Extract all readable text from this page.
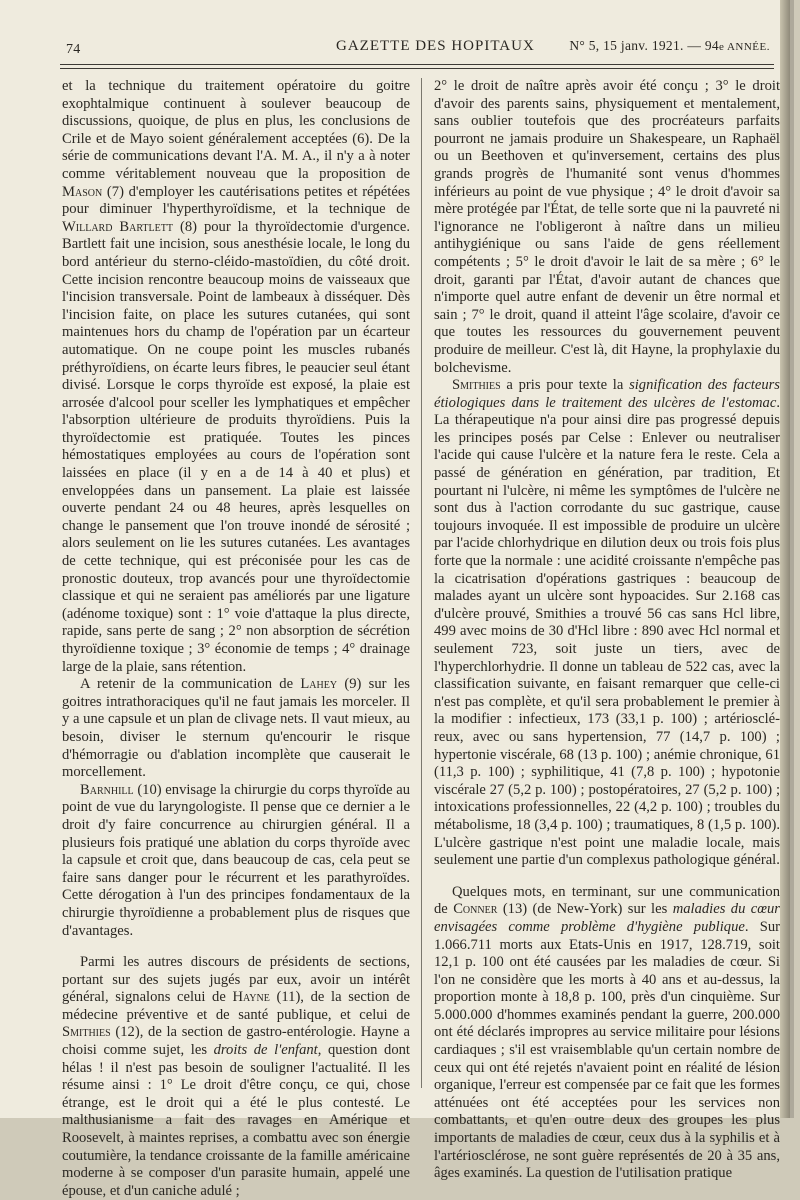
74	GAZETTE DES HOPITAUX	N° 5, 15 janv. 1921. — 94e ANNÉE.

et la technique du traitement opératoire du goitre exophtalmique continuent à soulever beaucoup de discussions, quoique, de plus en plus, les conclusions de Crile et de Mayo soient généralement acceptées (6). De la série de communications devant l'A. M. A., il n'y a à noter comme véritablement nouveau que la proposition de Mason (7) d'employer les cautérisations petites et répétées pour diminuer l'hyperthyroïdisme, et la technique de Willard Bartlett (8) pour la thyroïdectomie d'urgence. Bartlett fait une incision, sous anesthésie locale, le long du bord antérieur du sterno-cléido-mastoïdien, du côté droit. Cette incision rencontre beaucoup moins de vaisseaux que l'incision transversale. Point de lambeaux à disséquer. Dès l'incision faite, on place les sutures cutanées, qui sont maintenues hors du champ de l'opération par un écarteur automatique. On ne coupe point les muscles rubanés préthyroïdiens, on écarte leurs fibres, le peaucier seul étant divisé. Lorsque le corps thyroïde est exposé, la plaie est arrosée d'alcool pour sceller les lymphatiques et empêcher l'absorption ultérieure de produits thyroïdiens. Puis la thyroïdectomie est pratiquée. Toutes les pinces hémostatiques employées au cours de l'opération sont laissées en place (il y en a de 14 à 40 et plus) et enveloppées dans un pansement. La plaie est laissée ouverte pendant 24 ou 48 heures, après lesquelles on change le pansement que l'on trouve inondé de sérosité ; alors seulement on lie les sutures cutanées. Les avantages de cette technique, qui est préconisée pour les cas de pronostic douteux, trop avancés pour une thyroïdectomie classique et qui ne seraient pas améliorés par une ligature (adénome toxique) sont : 1° voie d'attaque la plus directe, rapide, sans perte de sang ; 2° non absorption de sécrétion thyroïdienne toxique ; 3° économie de temps ; 4° drainage large de la plaie, sans rétention.

A retenir de la communication de Lahey (9) sur les goitres intrathoraciques qu'il ne faut jamais les morceler. Il y a une capsule et un plan de clivage nets. Il vaut mieux, au besoin, diviser le sternum qu'encourir le risque d'hémorragie ou d'ablation incomplète que causerait le morcellement.

Barnhill (10) envisage la chirurgie du corps thyroïde au point de vue du laryngologiste. Il pense que ce dernier a le droit d'y faire concurrence au chirurgien général. Il a plusieurs fois pratiqué une ablation du corps thyroïde avec la capsule et croit que, dans beaucoup de cas, cela peut se faire sans danger pour le récurrent et les parathyroïdes. Cette dérogation à l'un des principes fondamentaux de la chirurgie thyroïdienne a probablement plus de risques que d'avantages.

Parmi les autres discours de présidents de sections, portant sur des sujets jugés par eux, avoir un intérêt général, signalons celui de Hayne (11), de la section de médecine préventive et de santé publique, et celui de Smithies (12), de la section de gastro-entérologie. Hayne a choisi comme sujet, les droits de l'enfant, question dont hélas ! il n'est pas besoin de souligner l'actualité. Il les résume ainsi : 1° Le droit d'être conçu, ce qui, chose étrange, est le droit qui a été le plus contesté. Le malthusianisme a fait des ravages en Amérique et Roosevelt, à maintes reprises, a combattu avec son énergie coutumière, la tendance croissante de la famille américaine moderne à se composer d'un parasite humain, appelé une épouse, et d'un caniche adulé ;

2° le droit de naître après avoir été conçu ; 3° le droit d'avoir des parents sains, physiquement et mentalement, sans oublier toutefois que des procréateurs parfaits pourront ne jamais produire un Shakespeare, un Raphaël ou un Beethoven et qu'inversement, certains des plus grands progrès de l'humanité sont venus d'hommes inférieurs au point de vue physique ; 4° le droit d'avoir sa mère protégée par l'État, de telle sorte que ni la pauvreté ni l'ignorance ne l'obligeront à naître dans un milieu antihygiénique ou sans l'aide de gens réellement compétents ; 5° le droit d'avoir le lait de sa mère ; 6° le droit, garanti par l'État, d'avoir autant de chances que n'importe quel autre enfant de devenir un être normal et sain ; 7° le droit, quand il atteint l'âge scolaire, d'avoir ce que toutes les ressources du gouvernement peuvent produire de meilleur. C'est là, dit Hayne, la prophylaxie du bolchevisme.

Smithies a pris pour texte la signification des facteurs étiologiques dans le traitement des ulcères de l'estomac. La thérapeutique n'a pour ainsi dire pas progressé depuis les principes posés par Celse : Enlever ou neutraliser l'acide qui cause l'ulcère et la nature fera le reste. Cela a passé de génération en génération, par tradition, Et pourtant ni l'ulcère, ni même les symptômes de l'ulcère ne sont dus à l'action corrodante du suc gastrique, cause toujours invoquée. Il est impossible de produire un ulcère par l'acide chlorhydrique en dilution deux ou trois fois plus forte que la normale : une acidité croissante n'empêche pas la cicatrisation d'opérations gastriques : beaucoup de malades ayant un ulcère sont hypoacides. Sur 2.168 cas d'ulcère prouvé, Smithies a trouvé 56 cas sans Hcl libre, 499 avec moins de 30 d'Hcl libre : 890 avec Hcl normal et seulement 723, soit juste un tiers, avec de l'hyperchlorhydrie. Il donne un tableau de 522 cas, avec la classification suivante, en faisant remarquer que celle-ci n'est pas complète, et qu'il sera probablement le premier à la modifier : infectieux, 173 (33,1 p. 100) ; artériosclé-reux, avec ou sans hypertension, 77 (14,7 p. 100) ; hypertonie viscérale, 68 (13 p. 100) ; anémie chronique, 61 (11,3 p. 100) ; syphilitique, 41 (7,8 p. 100) ; hypotonie viscérale 27 (5,2 p. 100) ; postopératoires, 27 (5,2 p. 100) ; intoxications professionnelles, 22 (4,2 p. 100) ; troubles du métabolisme, 18 (3,4 p. 100) ; traumatiques, 8 (1,5 p. 100). L'ulcère gastrique n'est point une maladie locale, mais seulement une partie d'un complexus pathologique général.

Quelques mots, en terminant, sur une communication de Conner (13) (de New-York) sur les maladies du cœur envisagées comme problème d'hygiène publique. Sur 1.066.711 morts aux Etats-Unis en 1917, 128.719, soit 12,1 p. 100 ont été causées par les maladies de cœur. Si l'on ne considère que les morts à 40 ans et au-dessus, la proportion monte à 18,8 p. 100, près d'un cinquième. Sur 5.000.000 d'hommes examinés pendant la guerre, 200.000 ont été déclarés impropres au service militaire pour lésions cardiaques ; s'il est vraisemblable qu'un certain nombre de ceux qui ont été rejetés n'avaient point en réalité de lésion organique, l'erreur est compensée par ce fait que les formes atténuées ont été acceptées pour les services non combattants, et qu'en outre deux des groupes les plus importants de maladies de cœur, ceux dus à la syphilis et à l'artériosclérose, ne sont guère représentés de 20 à 35 ans, âges examinés. La question de l'utilisation pratique
